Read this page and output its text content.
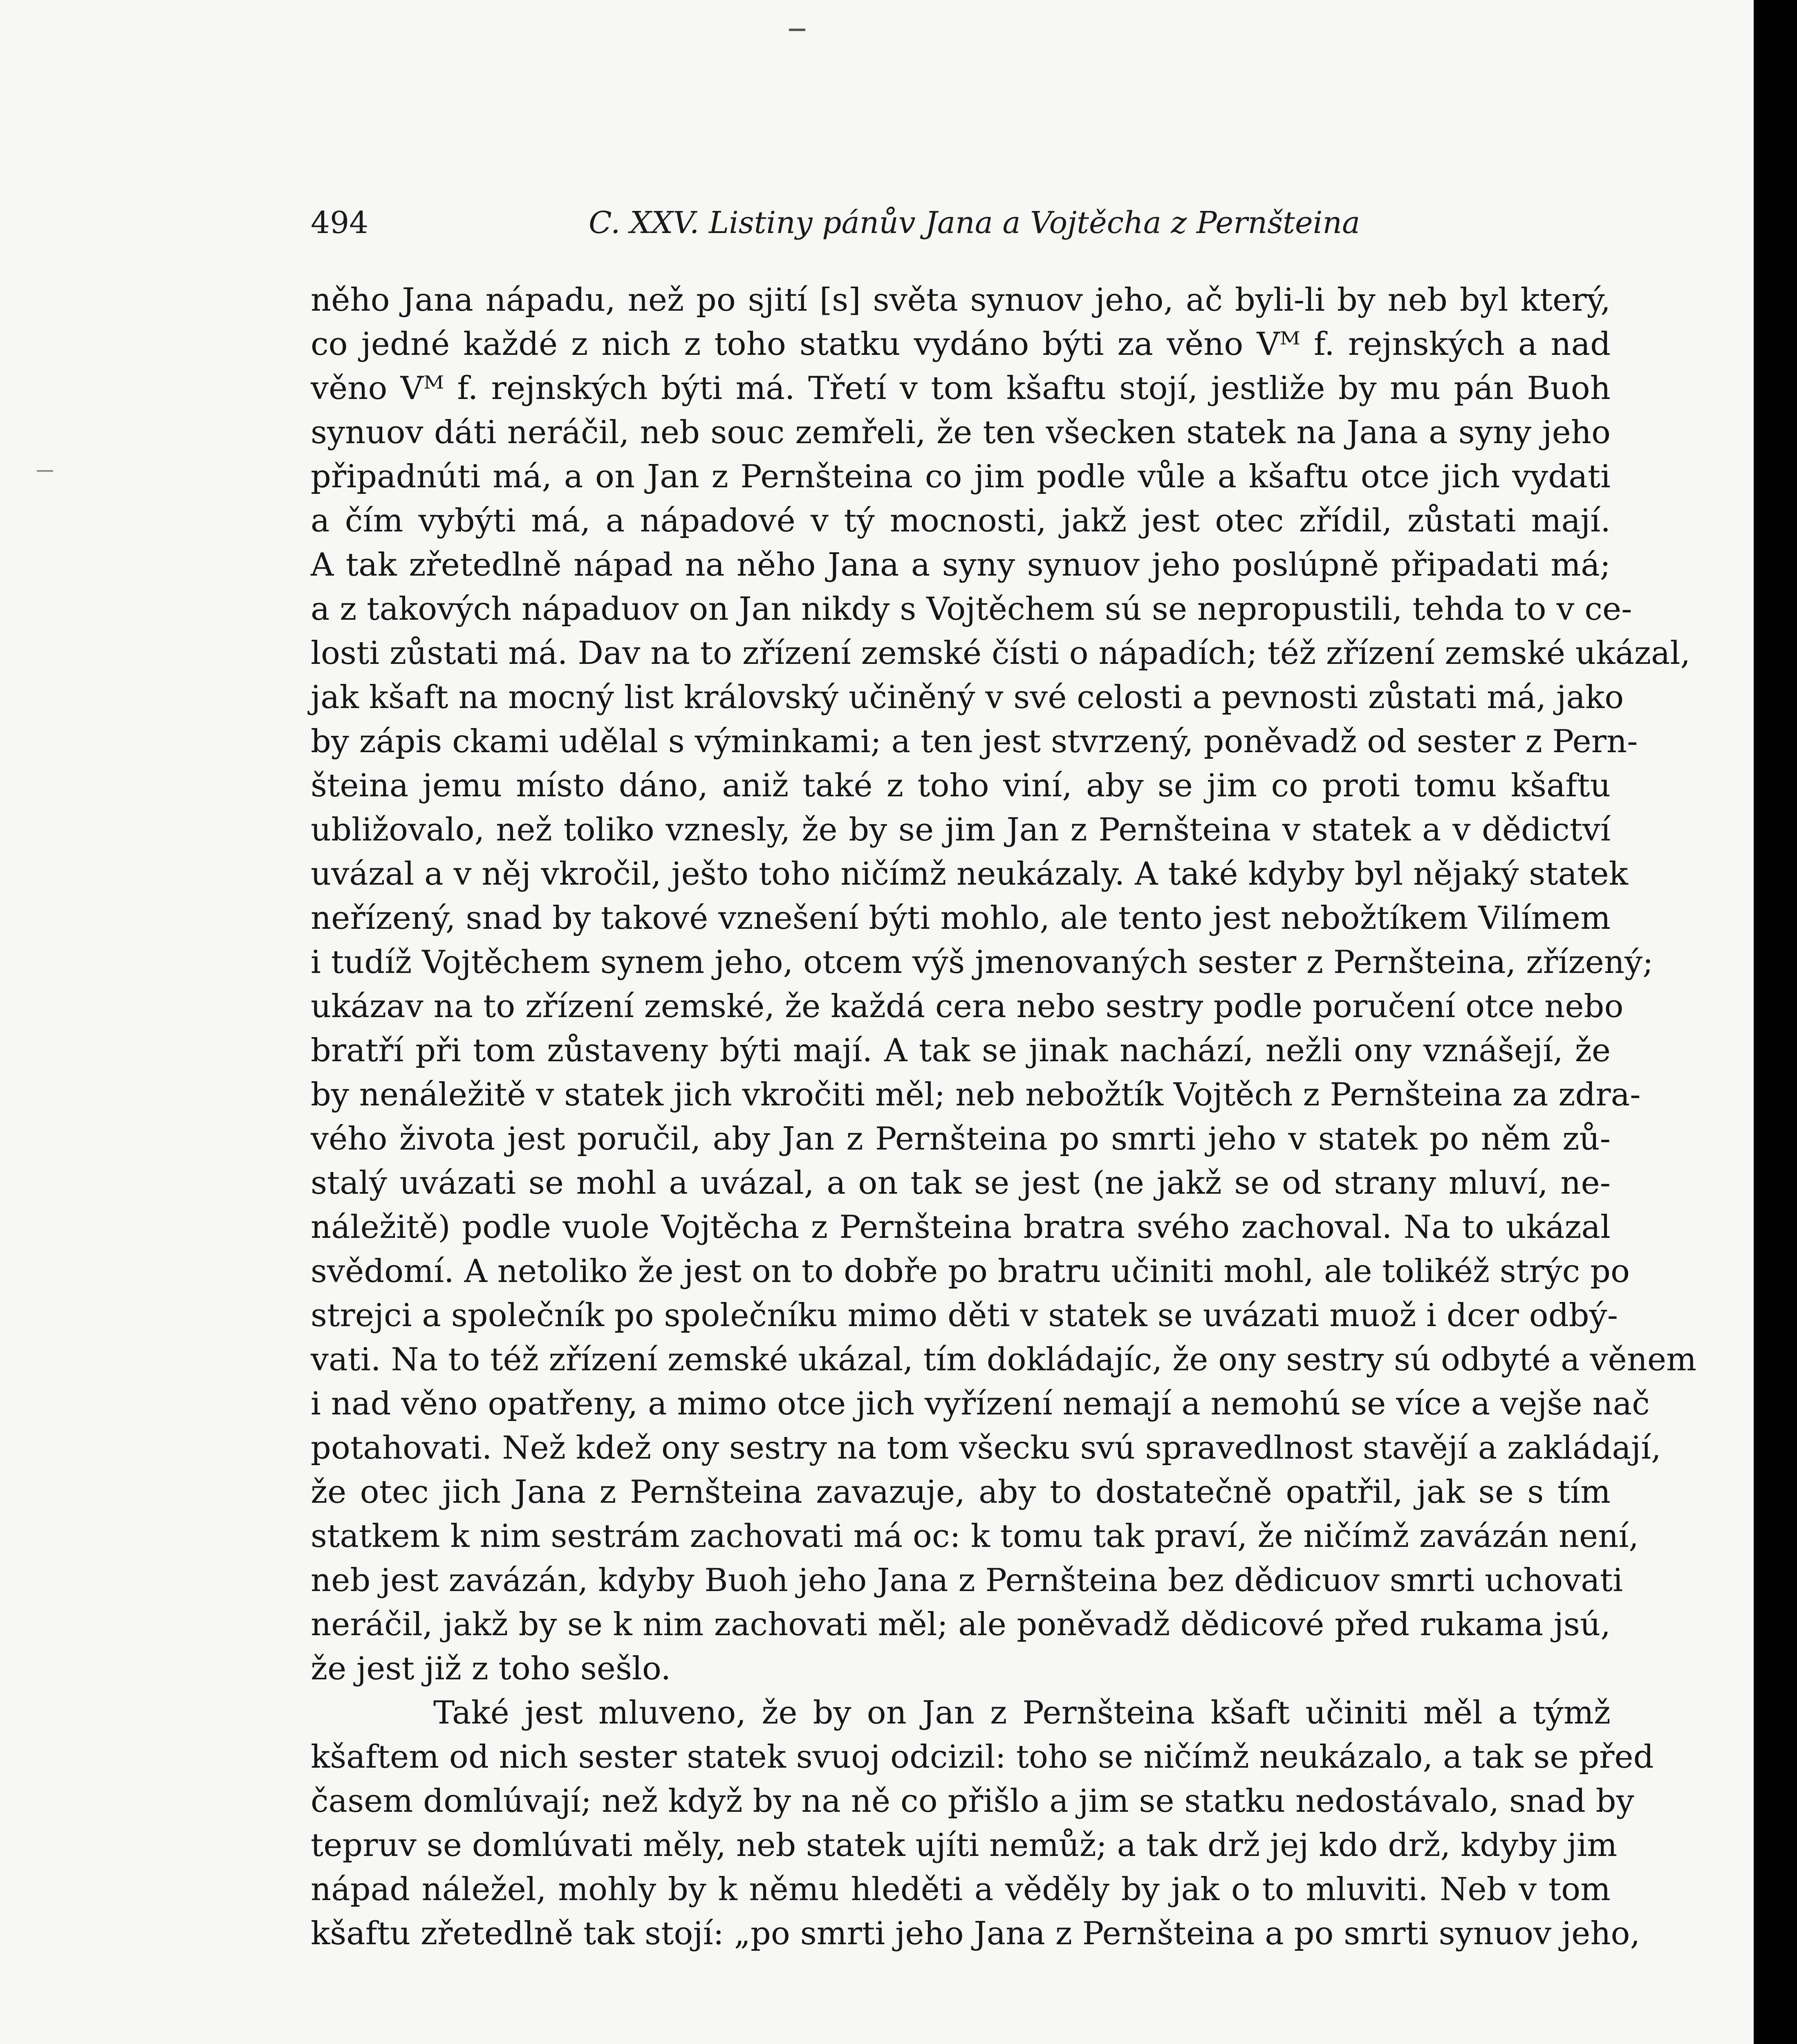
494	C. XXV. Listiny pánův Jana a Vojtěcha z Pernšteina
něho Jana nápadu, než po sjití [s] světa synuov jeho, ač byli-li by neb byl který,
co jedné každé z nich z toho statku vydáno býti za věno Vᴹ f. rejnských a nad
věno Vᴹ f. rejnských býti má. Třetí v tom kšaftu stojí, jestliže by mu pán Buoh
synuov dáti neráčil, neb souc zemřeli, že ten všecken statek na Jana a syny jeho
připadnúti má, a on Jan z Pernšteina co jim podle vůle a kšaftu otce jich vydati
a čím vybýti má, a nápadové v tý mocnosti, jakž jest otec zřídil, zůstati mají.
A tak zřetedlně nápad na něho Jana a syny synuov jeho poslúpně připadati má;
a z takových nápaduov on Jan nikdy s Vojtěchem sú se nepropustili, tehda to v ce-
losti zůstati má. Dav na to zřízení zemské čísti o nápadích; též zřízení zemské ukázal,
jak kšaft na mocný list královský učiněný v své celosti a pevnosti zůstati má, jako
by zápis ckami udělal s výminkami; a ten jest stvrzený, poněvadž od sester z Pern-
šteina jemu místo dáno, aniž také z toho viní, aby se jim co proti tomu kšaftu
ubližovalo, než toliko vznesly, že by se jim Jan z Pernšteina v statek a v dědictví
uvázal a v něj vkročil, ješto toho ničímž neukázaly. A také kdyby byl nějaký statek
neřízený, snad by takové vznešení býti mohlo, ale tento jest nebožtíkem Vilímem
i tudíž Vojtěchem synem jeho, otcem výš jmenovaných sester z Pernšteina, zřízený;
ukázav na to zřízení zemské, že každá cera nebo sestry podle poručení otce nebo
bratří při tom zůstaveny býti mají. A tak se jinak nachází, nežli ony vznášejí, že
by nenáležitě v statek jich vkročiti měl; neb nebožtík Vojtěch z Pernšteina za zdra-
vého života jest poručil, aby Jan z Pernšteina po smrti jeho v statek po něm zů-
stalý uvázati se mohl a uvázal, a on tak se jest (ne jakž se od strany mluví, ne-
náležitě) podle vuole Vojtěcha z Pernšteina bratra svého zachoval. Na to ukázal
svědomí. A netoliko že jest on to dobře po bratru učiniti mohl, ale tolikéž strýc po
strejci a společník po společníku mimo děti v statek se uvázati muož i dcer odbý-
vati. Na to též zřízení zemské ukázal, tím dokládajíc, že ony sestry sú odbyté a věnem
i nad věno opatřeny, a mimo otce jich vyřízení nemají a nemohú se více a vejše nač
potahovati. Než kdež ony sestry na tom všecku svú spravedlnost stavějí a zakládají,
že otec jich Jana z Pernšteina zavazuje, aby to dostatečně opatřil, jak se s tím
statkem k nim sestrám zachovati má oc: k tomu tak praví, že ničímž zavázán není,
neb jest zavázán, kdyby Buoh jeho Jana z Pernšteina bez dědicuov smrti uchovati
neráčil, jakž by se k nim zachovati měl; ale poněvadž dědicové před rukama jsú,
že jest již z toho sešlo.
Také jest mluveno, že by on Jan z Pernšteina kšaft učiniti měl a týmž
kšaftem od nich sester statek svuoj odcizil: toho se ničímž neukázalo, a tak se před
časem domlúvají; než když by na ně co přišlo a jim se statku nedostávalo, snad by
tepruv se domlúvati měly, neb statek ujíti nemůž; a tak drž jej kdo drž, kdyby jim
nápad náležel, mohly by k němu hleděti a věděly by jak o to mluviti. Neb v tom
kšaftu zřetedlně tak stojí: „po smrti jeho Jana z Pernšteina a po smrti synuov jeho,
